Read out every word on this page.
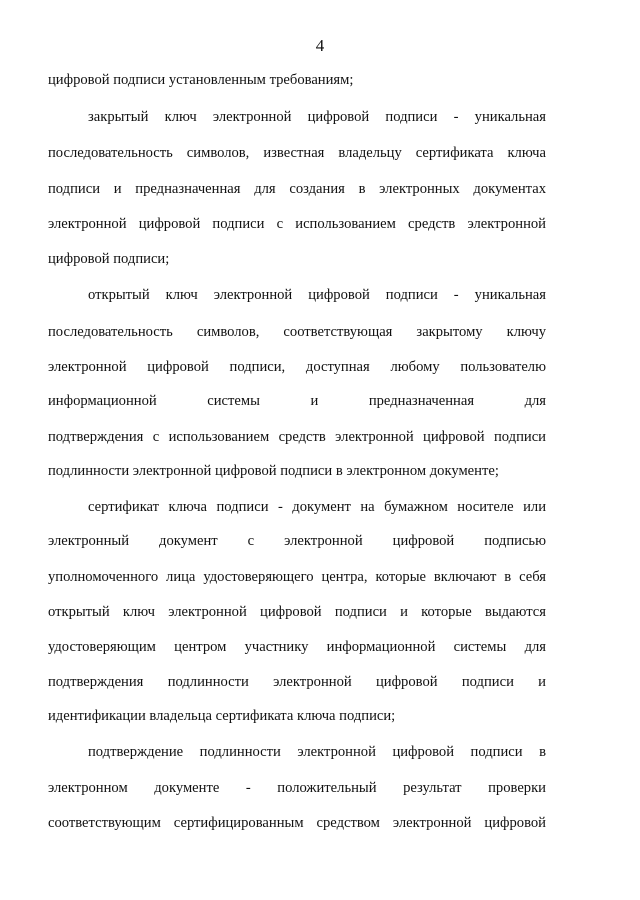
4
цифровой подписи установленным требованиям;
закрытый ключ электронной цифровой подписи - уникальная
последовательность символов, известная владельцу сертификата ключа
подписи и предназначенная для создания в электронных документах
электронной цифровой подписи с использованием средств электронной
цифровой подписи;
открытый ключ электронной цифровой подписи - уникальная
последовательность символов, соответствующая закрытому ключу
электронной цифровой подписи, доступная любому пользователю
информационной системы и предназначенная для
подтверждения с использованием средств электронной цифровой подписи
подлинности электронной цифровой подписи в электронном документе;
сертификат ключа подписи - документ на бумажном носителе или
электронный документ с электронной цифровой подписью
уполномоченного лица удостоверяющего центра, которые включают в себя
открытый ключ электронной цифровой подписи и которые выдаются
удостоверяющим центром участнику информационной системы для
подтверждения подлинности электронной цифровой подписи и
идентификации владельца сертификата ключа подписи;
подтверждение подлинности электронной цифровой подписи в
электронном документе - положительный результат проверки
соответствующим сертифицированным средством электронной цифровой
